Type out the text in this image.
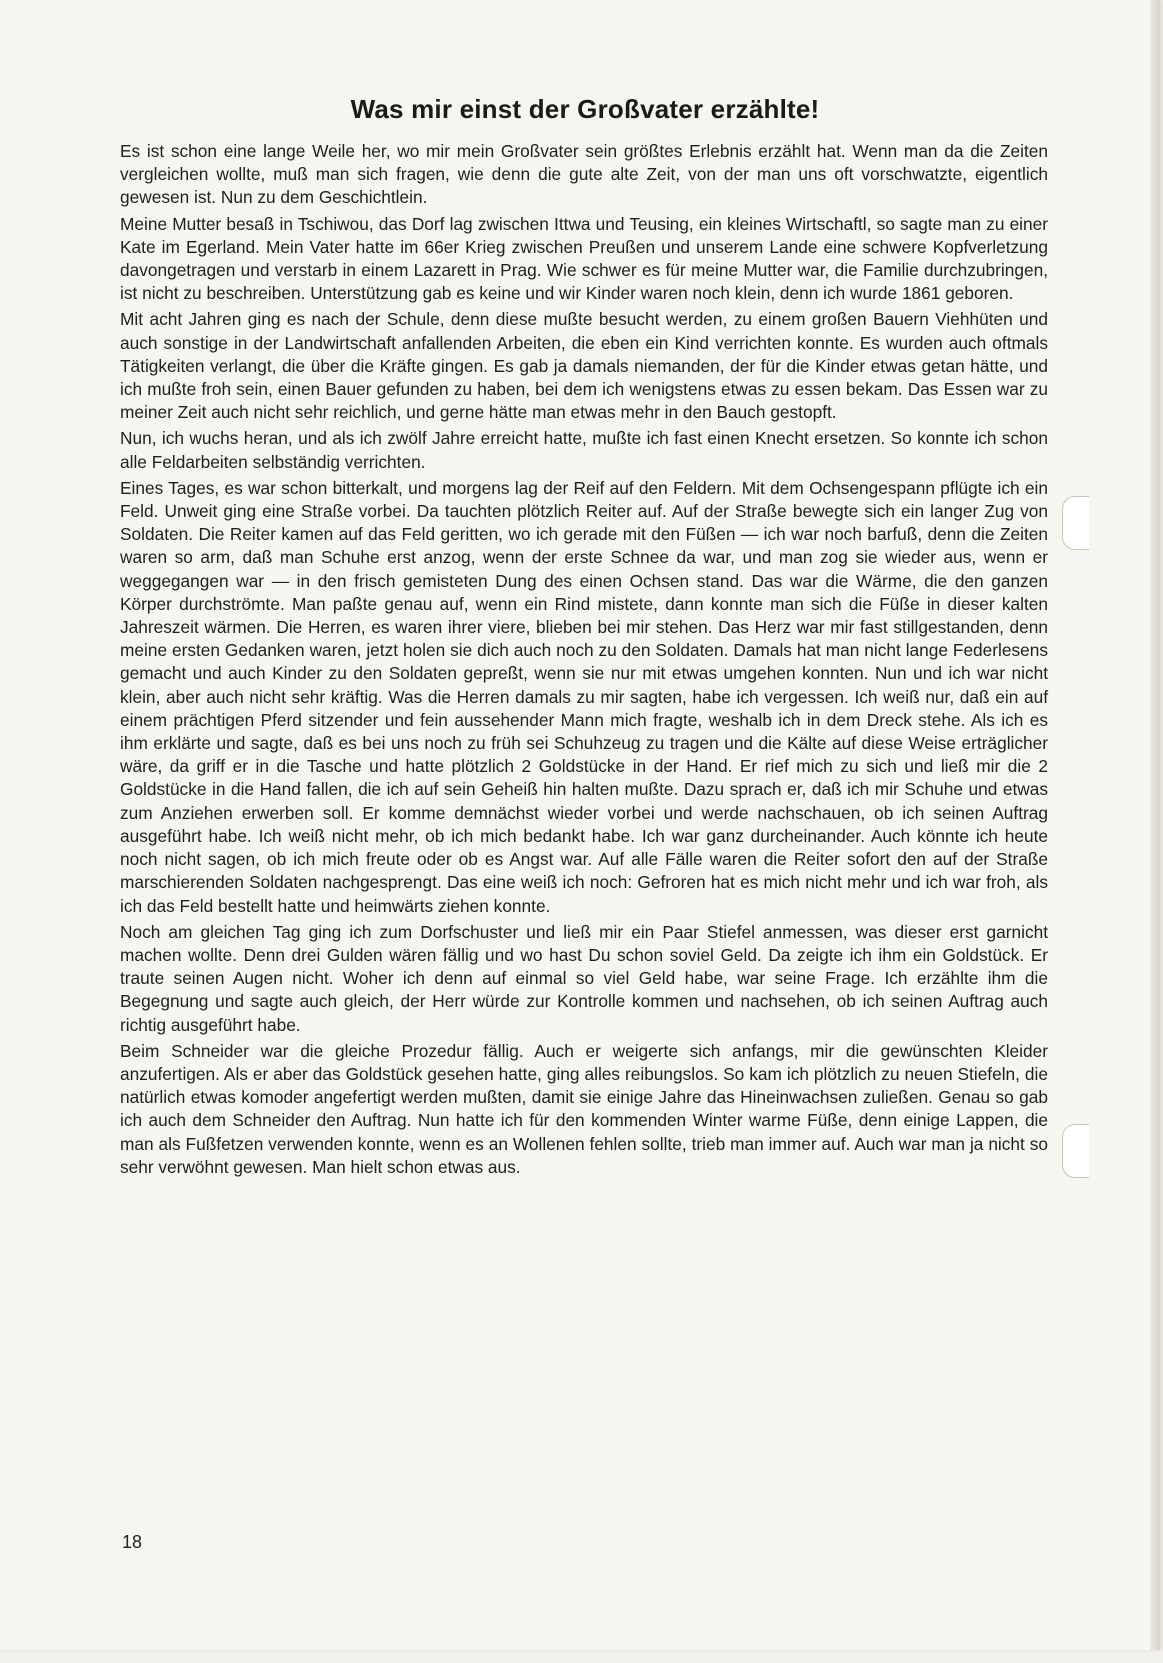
Was mir einst der Großvater erzählte!

Es ist schon eine lange Weile her, wo mir mein Großvater sein größtes Erlebnis erzählt hat. Wenn man da die Zeiten vergleichen wollte, muß man sich fragen, wie denn die gute alte Zeit, von der man uns oft vorschwatzte, eigentlich gewesen ist. Nun zu dem Geschichtlein.

Meine Mutter besaß in Tschiwou, das Dorf lag zwischen Ittwa und Teusing, ein kleines Wirtschaftl, so sagte man zu einer Kate im Egerland. Mein Vater hatte im 66er Krieg zwischen Preußen und unserem Lande eine schwere Kopfverletzung davongetragen und verstarb in einem Lazarett in Prag. Wie schwer es für meine Mutter war, die Familie durchzubringen, ist nicht zu beschreiben. Unterstützung gab es keine und wir Kinder waren noch klein, denn ich wurde 1861 geboren.

Mit acht Jahren ging es nach der Schule, denn diese mußte besucht werden, zu einem großen Bauern Viehhüten und auch sonstige in der Landwirtschaft anfallenden Arbeiten, die eben ein Kind verrichten konnte. Es wurden auch oftmals Tätigkeiten verlangt, die über die Kräfte gingen. Es gab ja damals niemanden, der für die Kinder etwas getan hätte, und ich mußte froh sein, einen Bauer gefunden zu haben, bei dem ich wenigstens etwas zu essen bekam. Das Essen war zu meiner Zeit auch nicht sehr reichlich, und gerne hätte man etwas mehr in den Bauch gestopft.

Nun, ich wuchs heran, und als ich zwölf Jahre erreicht hatte, mußte ich fast einen Knecht ersetzen. So konnte ich schon alle Feldarbeiten selbständig verrichten.

Eines Tages, es war schon bitterkalt, und morgens lag der Reif auf den Feldern. Mit dem Ochsengespann pflügte ich ein Feld. Unweit ging eine Straße vorbei. Da tauchten plötzlich Reiter auf. Auf der Straße bewegte sich ein langer Zug von Soldaten. Die Reiter kamen auf das Feld geritten, wo ich gerade mit den Füßen — ich war noch barfuß, denn die Zeiten waren so arm, daß man Schuhe erst anzog, wenn der erste Schnee da war, und man zog sie wieder aus, wenn er weggegangen war — in den frisch gemisteten Dung des einen Ochsen stand. Das war die Wärme, die den ganzen Körper durchströmte. Man paßte genau auf, wenn ein Rind mistete, dann konnte man sich die Füße in dieser kalten Jahreszeit wärmen. Die Herren, es waren ihrer viere, blieben bei mir stehen. Das Herz war mir fast stillgestanden, denn meine ersten Gedanken waren, jetzt holen sie dich auch noch zu den Soldaten. Damals hat man nicht lange Federlesens gemacht und auch Kinder zu den Soldaten gepreßt, wenn sie nur mit etwas umgehen konnten. Nun und ich war nicht klein, aber auch nicht sehr kräftig. Was die Herren damals zu mir sagten, habe ich vergessen. Ich weiß nur, daß ein auf einem prächtigen Pferd sitzender und fein aussehender Mann mich fragte, weshalb ich in dem Dreck stehe. Als ich es ihm erklärte und sagte, daß es bei uns noch zu früh sei Schuhzeug zu tragen und die Kälte auf diese Weise erträglicher wäre, da griff er in die Tasche und hatte plötzlich 2 Goldstücke in der Hand. Er rief mich zu sich und ließ mir die 2 Goldstücke in die Hand fallen, die ich auf sein Geheiß hin halten mußte. Dazu sprach er, daß ich mir Schuhe und etwas zum Anziehen erwerben soll. Er komme demnächst wieder vorbei und werde nachschauen, ob ich seinen Auftrag ausgeführt habe. Ich weiß nicht mehr, ob ich mich bedankt habe. Ich war ganz durcheinander. Auch könnte ich heute noch nicht sagen, ob ich mich freute oder ob es Angst war. Auf alle Fälle waren die Reiter sofort den auf der Straße marschierenden Soldaten nachgesprengt. Das eine weiß ich noch: Gefroren hat es mich nicht mehr und ich war froh, als ich das Feld bestellt hatte und heimwärts ziehen konnte.

Noch am gleichen Tag ging ich zum Dorfschuster und ließ mir ein Paar Stiefel anmessen, was dieser erst garnicht machen wollte. Denn drei Gulden wären fällig und wo hast Du schon soviel Geld. Da zeigte ich ihm ein Goldstück. Er traute seinen Augen nicht. Woher ich denn auf einmal so viel Geld habe, war seine Frage. Ich erzählte ihm die Begegnung und sagte auch gleich, der Herr würde zur Kontrolle kommen und nachsehen, ob ich seinen Auftrag auch richtig ausgeführt habe.

Beim Schneider war die gleiche Prozedur fällig. Auch er weigerte sich anfangs, mir die gewünschten Kleider anzufertigen. Als er aber das Goldstück gesehen hatte, ging alles reibungslos. So kam ich plötzlich zu neuen Stiefeln, die natürlich etwas komoder angefertigt werden mußten, damit sie einige Jahre das Hineinwachsen zuließen. Genau so gab ich auch dem Schneider den Auftrag. Nun hatte ich für den kommenden Winter warme Füße, denn einige Lappen, die man als Fußfetzen verwenden konnte, wenn es an Wollenen fehlen sollte, trieb man immer auf. Auch war man ja nicht so sehr verwöhnt gewesen. Man hielt schon etwas aus.

18
